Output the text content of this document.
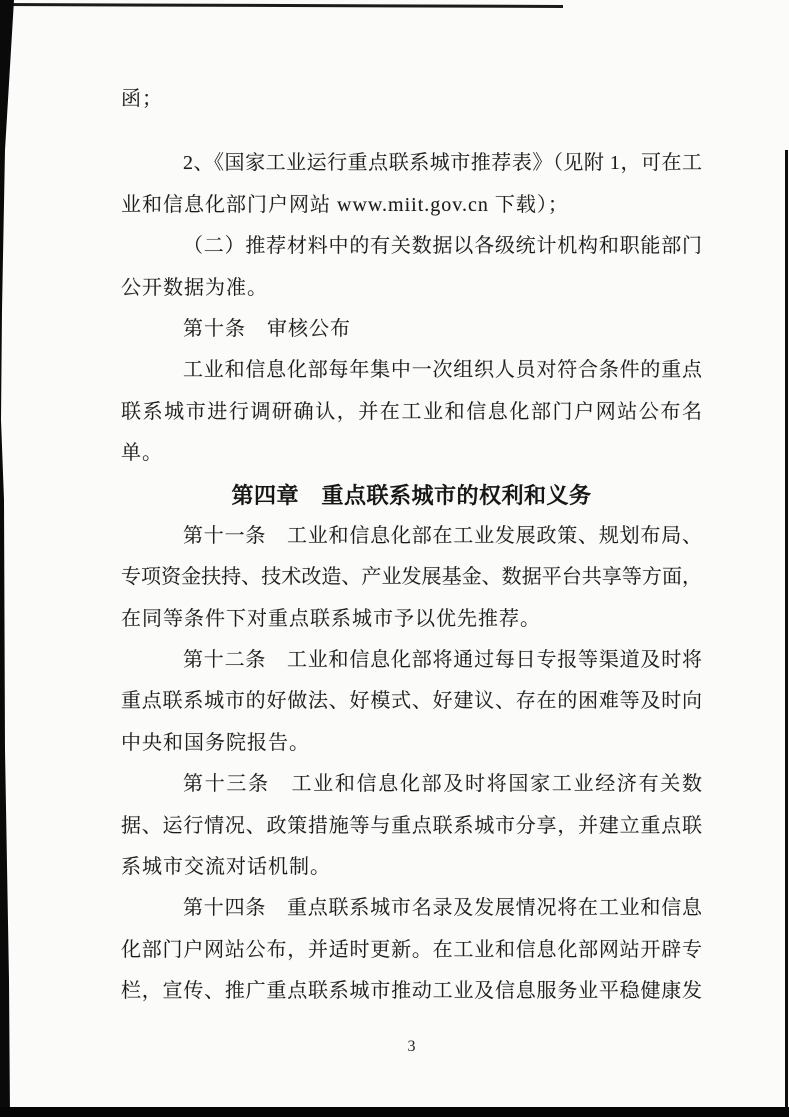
函；
2、《国家工业运行重点联系城市推荐表》（见附 1，可在工
业和信息化部门户网站 www.miit.gov.cn 下载）；
（二）推荐材料中的有关数据以各级统计机构和职能部门
公开数据为准。
第十条　审核公布
工业和信息化部每年集中一次组织人员对符合条件的重点
联系城市进行调研确认，并在工业和信息化部门户网站公布名
单。
第四章　重点联系城市的权利和义务
第十一条　工业和信息化部在工业发展政策、规划布局、
专项资金扶持、技术改造、产业发展基金、数据平台共享等方面，
在同等条件下对重点联系城市予以优先推荐。
第十二条　工业和信息化部将通过每日专报等渠道及时将
重点联系城市的好做法、好模式、好建议、存在的困难等及时向
中央和国务院报告。
第十三条　工业和信息化部及时将国家工业经济有关数
据、运行情况、政策措施等与重点联系城市分享，并建立重点联
系城市交流对话机制。
第十四条　重点联系城市名录及发展情况将在工业和信息
化部门户网站公布，并适时更新。在工业和信息化部网站开辟专
栏，宣传、推广重点联系城市推动工业及信息服务业平稳健康发
3
